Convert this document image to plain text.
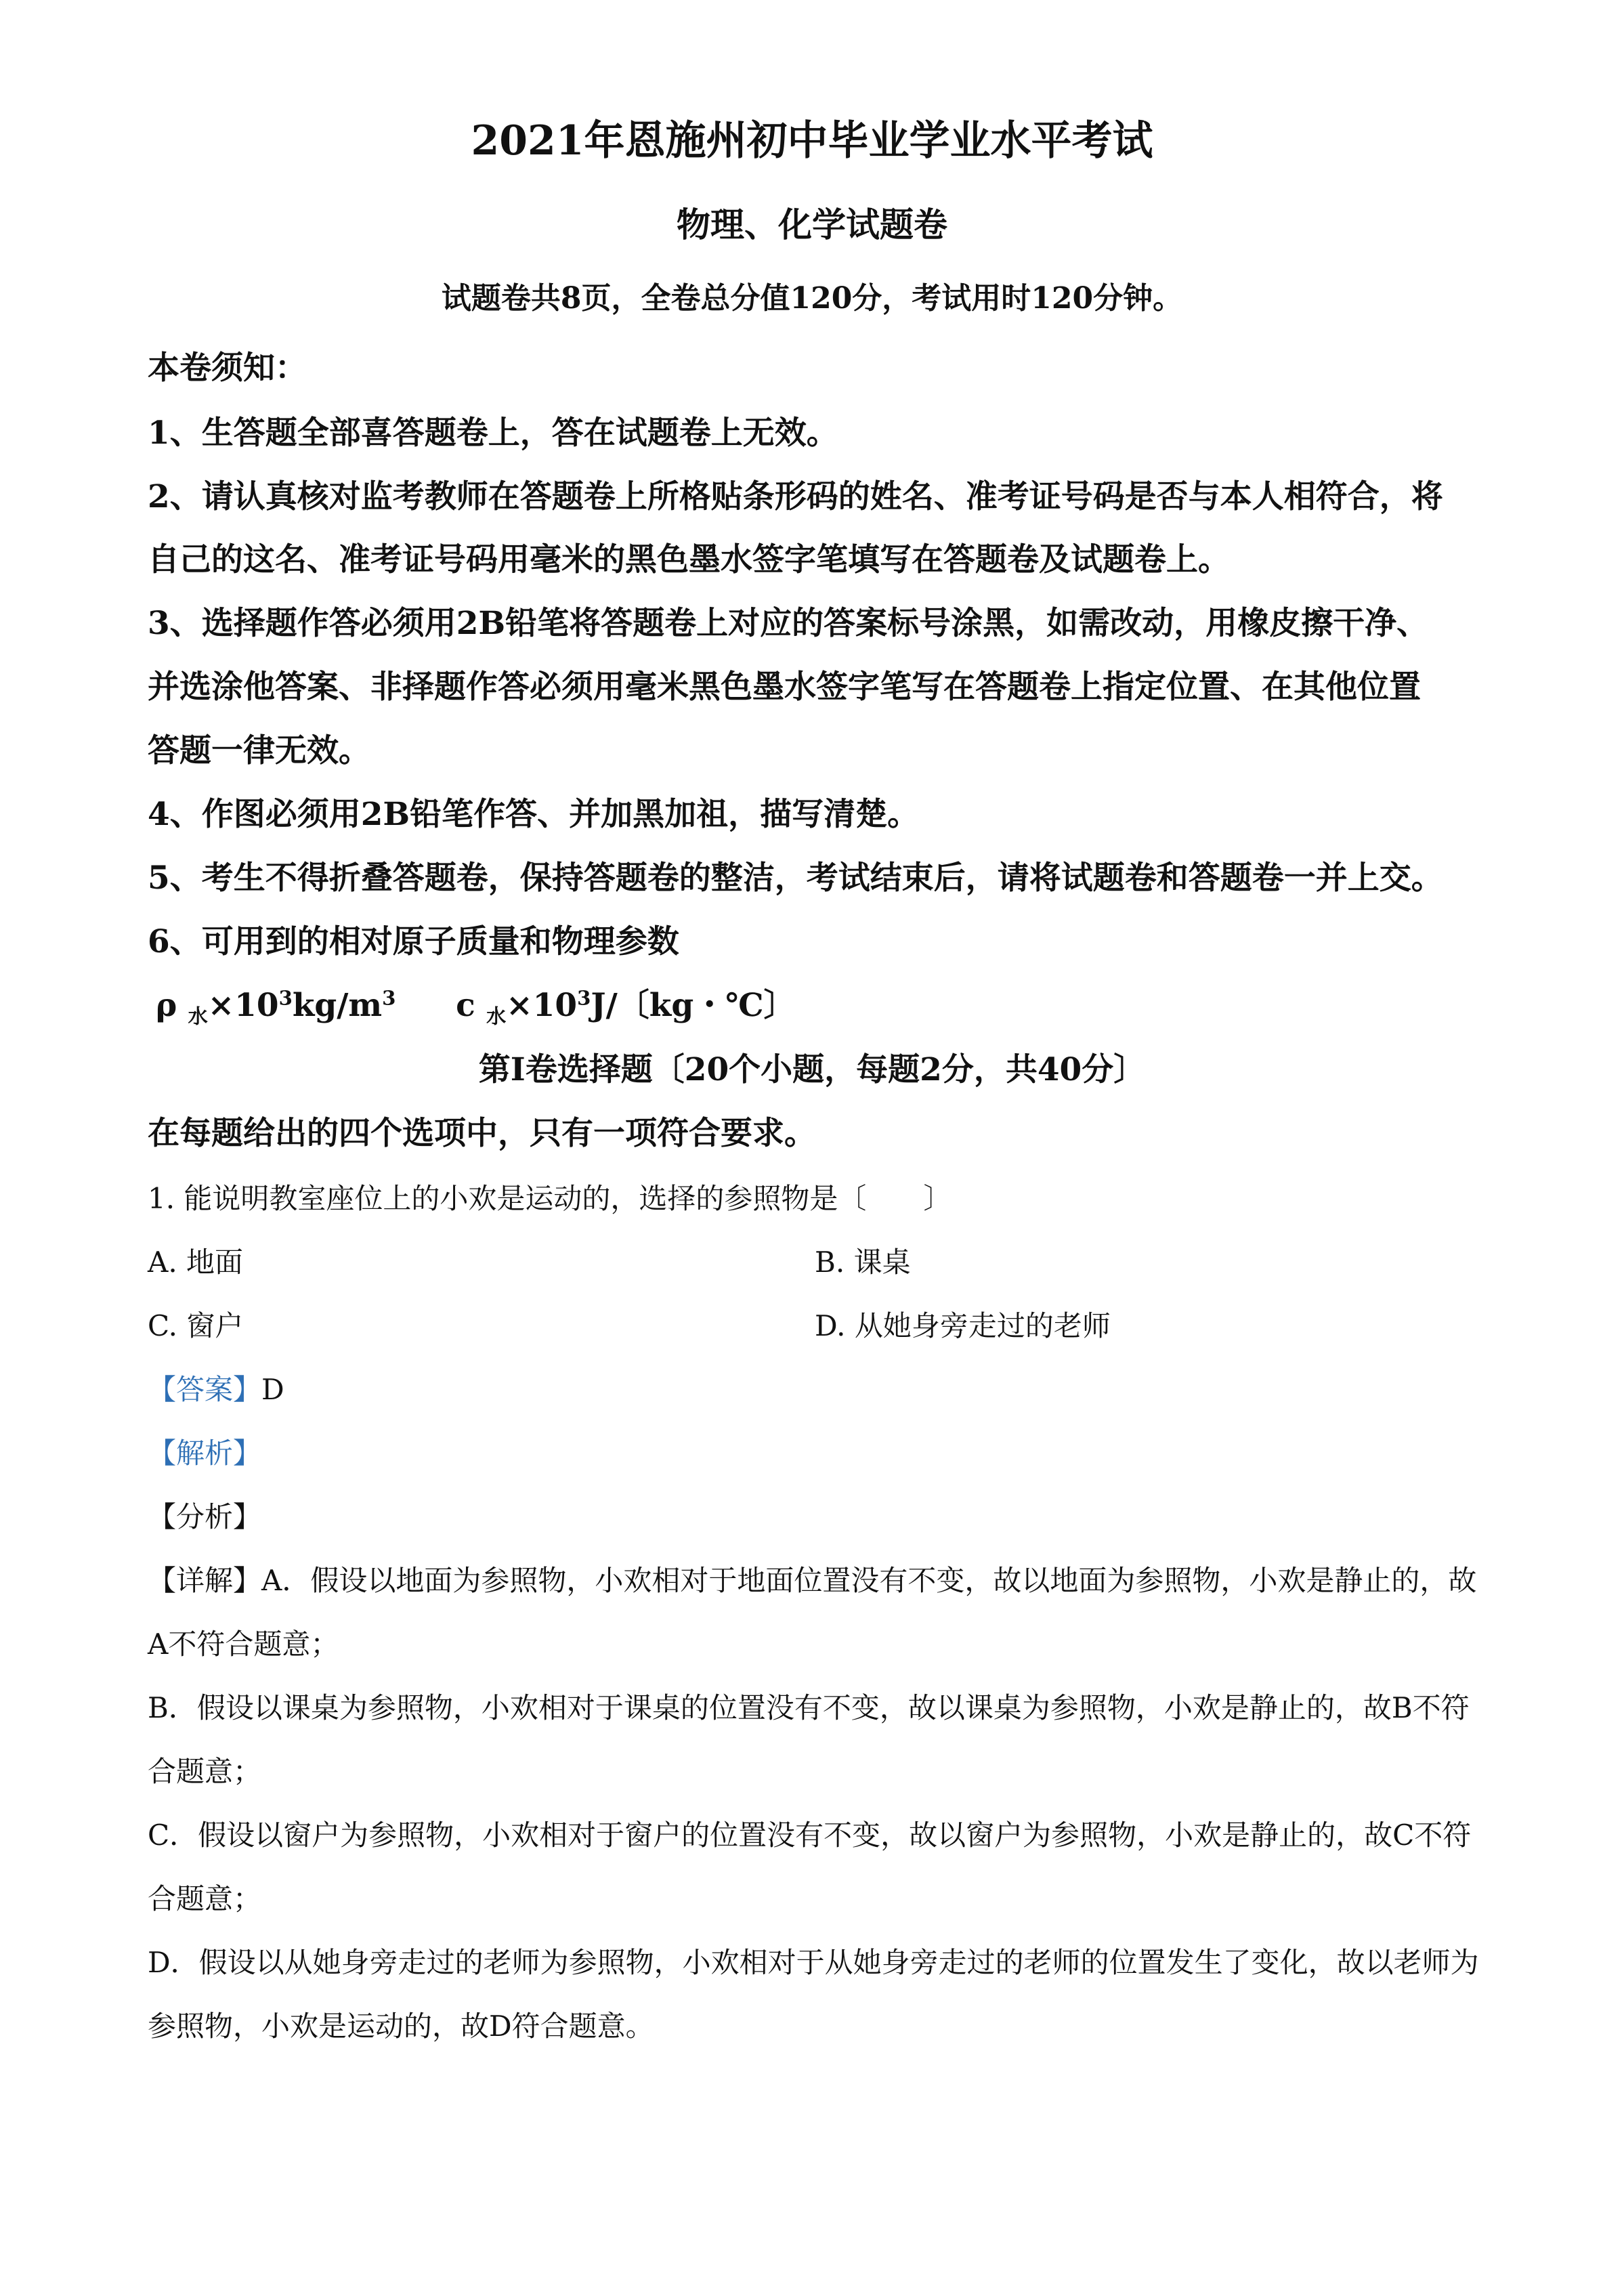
2021年恩施州初中毕业学业水平考试
物理、化学试题卷
试题卷共8页，全卷总分值120分，考试用时120分钟。
本卷须知：
1、生答题全部喜答题卷上，答在试题卷上无效。
2、请认真核对监考教师在答题卷上所格贴条形码的姓名、准考证号码是否与本人相符合，将
自己的这名、准考证号码用毫米的黑色墨水签字笔填写在答题卷及试题卷上。
3、选择题作答必须用2B铅笔将答题卷上对应的答案标号涂黑，如需改动，用橡皮擦干净、
并选涂他答案、非择题作答必须用毫米黑色墨水签字笔写在答题卷上指定位置、在其他位置
答题一律无效。
4、作图必须用2B铅笔作答、并加黑加祖，描写清楚。
5、考生不得折叠答题卷，保持答题卷的整洁，考试结束后，请将试题卷和答题卷一并上交。
6、可用到的相对原子质量和物理参数
ρ $_水\times 10^3kg/m^3$ c $_水\times 10^3J/$〔kg・℃〕
第I卷选择题〔20个小题，每题2分，共40分〕
在每题给出的四个选项中，只有一项符合要求。
1. 能说明教室座位上的小欢是运动的，选择的参照物是〔　　〕
A. 地面	B. 课桌
C. 窗户	D. 从她身旁走过的老师
【答案】D
【解析】
【分析】
【详解】A．假设以地面为参照物，小欢相对于地面位置没有不变，故以地面为参照物，小欢是静止的，故
A不符合题意；
B．假设以课桌为参照物，小欢相对于课桌的位置没有不变，故以课桌为参照物，小欢是静止的，故B不符
合题意；
C．假设以窗户为参照物，小欢相对于窗户的位置没有不变，故以窗户为参照物，小欢是静止的，故C不符
合题意；
D．假设以从她身旁走过的老师为参照物，小欢相对于从她身旁走过的老师的位置发生了变化，故以老师为
参照物，小欢是运动的，故D符合题意。
